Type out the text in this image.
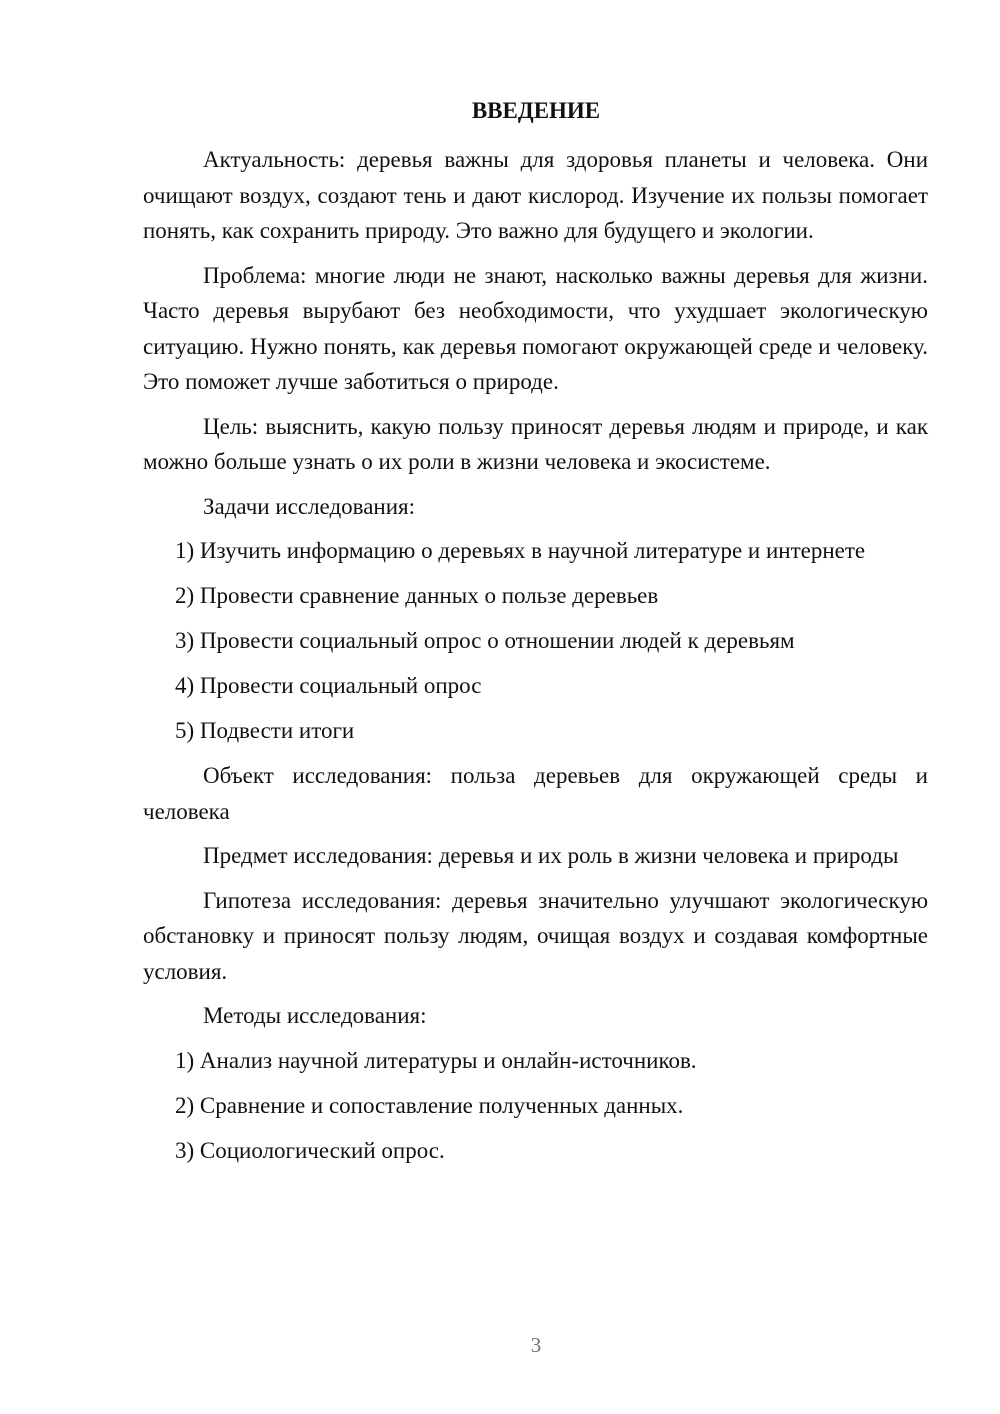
ВВЕДЕНИЕ

Актуальность: деревья важны для здоровья планеты и человека. Они очищают воздух, создают тень и дают кислород. Изучение их пользы помогает понять, как сохранить природу. Это важно для будущего и экологии.

Проблема: многие люди не знают, насколько важны деревья для жизни. Часто деревья вырубают без необходимости, что ухудшает экологическую ситуацию. Нужно понять, как деревья помогают окружающей среде и человеку. Это поможет лучше заботиться о природе.

Цель: выяснить, какую пользу приносят деревья людям и природе, и как можно больше узнать о их роли в жизни человека и экосистеме.

Задачи исследования:

1) Изучить информацию о деревьях в научной литературе и интернете

2) Провести сравнение данных о пользе деревьев

3) Провести социальный опрос о отношении людей к деревьям

4) Провести социальный опрос

5) Подвести итоги

Объект исследования: польза деревьев для окружающей среды и человека

Предмет исследования: деревья и их роль в жизни человека и природы

Гипотеза исследования: деревья значительно улучшают экологическую обстановку и приносят пользу людям, очищая воздух и создавая комфортные условия.

Методы исследования:

1) Анализ научной литературы и онлайн-источников.

2) Сравнение и сопоставление полученных данных.

3) Социологический опрос.

3
